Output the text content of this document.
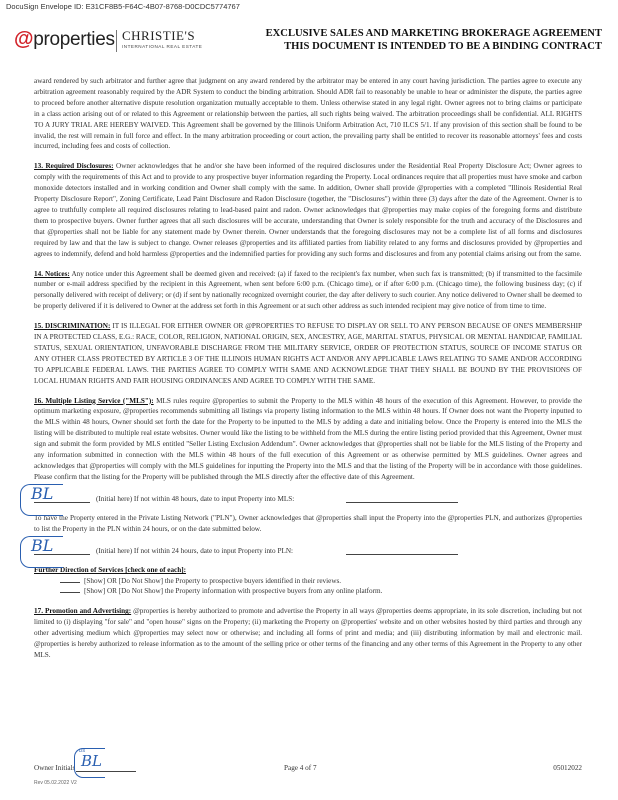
DocuSign Envelope ID: E31CF8B5-F64C-4B07-8768-D0CDC5774767
@properties CHRISTIE'S
INTERNATIONAL REAL ESTATE
EXCLUSIVE SALES AND MARKETING BROKERAGE AGREEMENT
THIS DOCUMENT IS INTENDED TO BE A BINDING CONTRACT

award rendered by such arbitrator and further agree that judgment on any award rendered by the arbitrator may be entered in any court having jurisdiction. The parties agree to execute any arbitration agreement reasonably required by the ADR System to conduct the binding arbitration. Should ADR fail to reasonably be unable to hear or administer the dispute, the parties agree to proceed before another alternative dispute resolution organization mutually acceptable to them. Unless otherwise stated in any legal right. Owner agrees not to bring claims or participate in a class action arising out of or related to this Agreement or relationship between the parties, all such rights being waived. The arbitration proceedings shall be confidential. ALL RIGHTS TO A JURY TRIAL ARE HEREBY WAIVED. This Agreement shall be governed by the Illinois Uniform Arbitration Act, 710 ILCS 5/1. If any provision of this section shall be found to be invalid, the rest will remain in full force and effect. In the many arbitration proceeding or court action, the prevailing party shall be entitled to recover its reasonable attorneys' fees and costs incurred, including fees and costs of collection.

13. Required Disclosures: Owner acknowledges that he and/or she have been informed of the required disclosures under the Residential Real Property Disclosure Act; Owner agrees to comply with the requirements of this Act and to provide to any prospective buyer information regarding the Property. Local ordinances require that all properties must have smoke and carbon monoxide detectors installed and in working condition and Owner shall comply with the same. In addition, Owner shall provide @properties with a completed "Illinois Residential Real Property Disclosure Report", Zoning Certificate, Lead Paint Disclosure and Radon Disclosure (together, the "Disclosures") within three (3) days after the date of the Agreement. Owner is to agree to truthfully complete all required disclosures relating to lead-based paint and radon. Owner acknowledges that @properties may make copies of the foregoing forms and distribute them to prospective buyers. Owner further agrees that all such disclosures will be accurate, understanding that Owner is solely responsible for the truth and accuracy of the Disclosures and that @properties shall not be liable for any statement made by Owner therein. Owner understands that the foregoing disclosures may not be a complete list of all forms and disclosures required by law and that the law is subject to change. Owner releases @properties and its affiliated parties from liability related to any forms and disclosures provided by @properties and agrees to indemnify, defend and hold harmless @properties and the indemnified parties for providing any such forms and disclosures and from any potential claims arising out from the same.

14. Notices: Any notice under this Agreement shall be deemed given and received: (a) if faxed to the recipient's fax number, when such fax is transmitted; (b) if transmitted to the facsimile number or e-mail address specified by the recipient in this Agreement, when sent before 6:00 p.m. (Chicago time), or if after 6:00 p.m. (Chicago time), the following business day; (c) if personally delivered with receipt of delivery; or (d) if sent by nationally recognized overnight courier, the day after delivery to such courier. Any notice delivered to Owner shall be deemed to be properly delivered if it is delivered to Owner at the address set forth in this Agreement or at such other address as such intended recipient may give notice of from time to time.

15. DISCRIMINATION: IT IS ILLEGAL FOR EITHER OWNER OR @PROPERTIES TO REFUSE TO DISPLAY OR SELL TO ANY PERSON BECAUSE OF ONE'S MEMBERSHIP IN A PROTECTED CLASS, E.G.: RACE, COLOR, RELIGION, NATIONAL ORIGIN, SEX, ANCESTRY, AGE, MARITAL STATUS, PHYSICAL OR MENTAL HANDICAP, FAMILIAL STATUS, SEXUAL ORIENTATION, UNFAVORABLE DISCHARGE FROM THE MILITARY SERVICE, ORDER OF PROTECTION STATUS, SOURCE OF INCOME STATUS OR ANY OTHER CLASS PROTECTED BY ARTICLE 3 OF THE ILLINOIS HUMAN RIGHTS ACT AND/OR ANY APPLICABLE LAWS RELATING TO SAME AND/OR ACCORDING TO APPLICABLE FEDERAL LAWS. THE PARTIES AGREE TO COMPLY WITH SAME AND ACKNOWLEDGE THAT THEY SHALL BE BOUND BY THE PROVISIONS OF LOCAL HUMAN RIGHTS AND FAIR HOUSING ORDINANCES AND AGREE TO COMPLY WITH THE SAME.

16. Multiple Listing Service ("MLS"): MLS rules require @properties to submit the Property to the MLS within 48 hours of the execution of this Agreement. However, to provide the optimum marketing exposure, @properties recommends submitting all listings via property listing information to the MLS within 48 hours. If Owner does not want the Property inputted to the MLS within 48 hours, Owner should set forth the date for the Property to be inputted to the MLS by adding a date and initialing below. Once the Property is entered into the MLS the listing will be distributed to multiple real estate websites. Owner would like the listing to be withheld from the MLS during the entire listing period provided that this Agreement, Owner must sign and submit the form provided by MLS entitled "Seller Listing Exclusion Addendum". Owner acknowledges that @properties shall not be liable for the MLS listing of the Property and any information submitted in connection with the MLS within 48 hours of the full execution of this Agreement or as otherwise permitted by MLS guidelines. Owner agrees and acknowledges that @properties will comply with the MLS guidelines for inputting the Property into the MLS and that the listing of the Property will be in accordance with those guidelines. Please confirm that the listing for the Property will be published through the MLS directly after the effective date of this Agreement.

BL	(Initial here) If not within 48 hours, date to input Property into MLS:

To have the Property entered in the Private Listing Network ("PLN"), Owner acknowledges that @properties shall input the Property into the @properties PLN, and authorizes @properties to list the Property in the PLN within 24 hours, or on the date submitted below.

BL	(Initial here) If not within 24 hours, date to input Property into PLN:
Further Direction of Services [check one of each]:
[Show] OR [Do Not Show] the Property to prospective buyers identified in their reviews.
[Show] OR [Do Not Show] the Property information with prospective buyers from any online platform.

17. Promotion and Advertising: @properties is hereby authorized to promote and advertise the Property in all ways @properties deems appropriate, in its sole discretion, including but not limited to (i) displaying "for sale" and "open house" signs on the Property; (ii) marketing the Property on @properties' website and on other websites hosted by third parties and through any other advertising medium which @properties may select now or otherwise; and including all forms of print and media; and (iii) distributing information by mail and electronic mail. @properties is hereby authorized to release information as to the amount of the selling price or other terms of the financing and any other terms of this Agreement in the Property to any other MLS.

Owner Initials
DS
BL	Page 4 of 7	05012022
Rev 05.02.2022 V2
